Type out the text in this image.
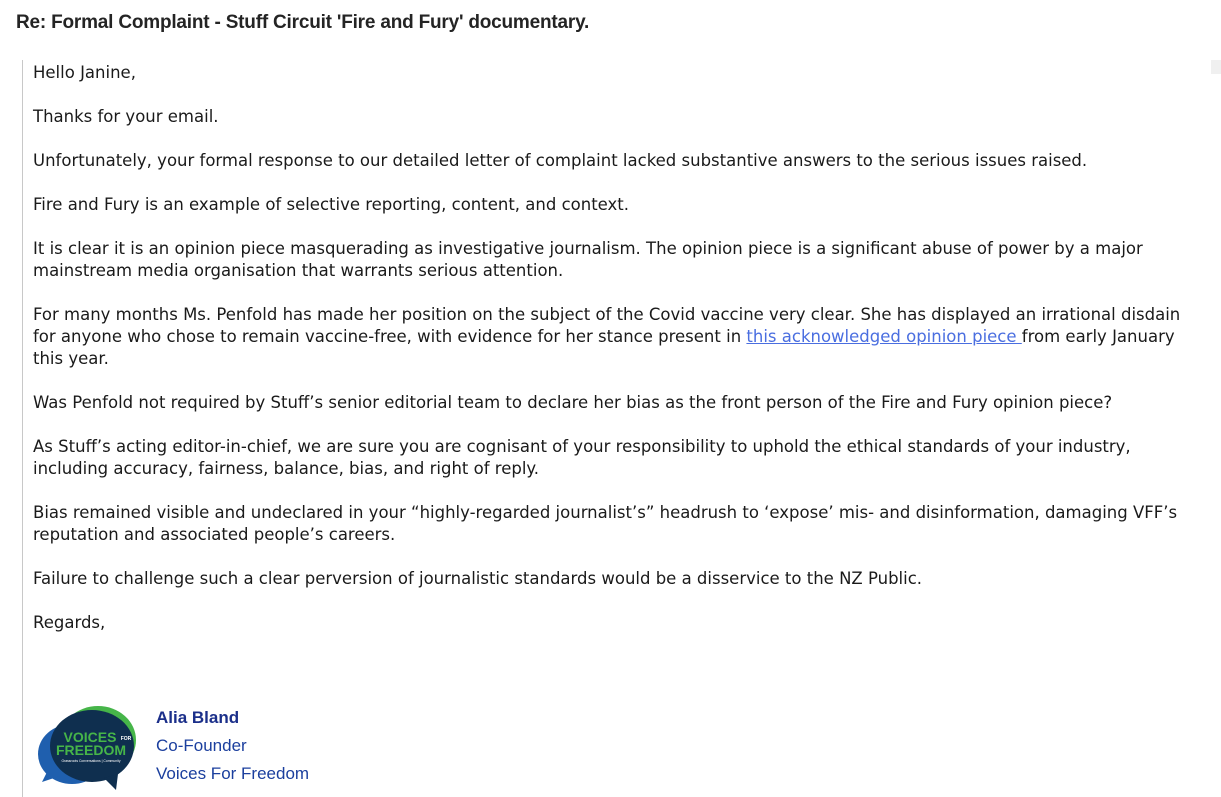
Re: Formal Complaint - Stuff Circuit 'Fire and Fury' documentary.

Hello Janine,

Thanks for your email.

Unfortunately, your formal response to our detailed letter of complaint lacked substantive answers to the serious issues raised.

Fire and Fury is an example of selective reporting, content, and context.

It is clear it is an opinion piece masquerading as investigative journalism. The opinion piece is a significant abuse of power by a major mainstream media organisation that warrants serious attention.

For many months Ms. Penfold has made her position on the subject of the Covid vaccine very clear. She has displayed an irrational disdain for anyone who chose to remain vaccine-free, with evidence for her stance present in this acknowledged opinion piece from early January this year.

Was Penfold not required by Stuff’s senior editorial team to declare her bias as the front person of the Fire and Fury opinion piece?

As Stuff’s acting editor-in-chief, we are sure you are cognisant of your responsibility to uphold the ethical standards of your industry, including accuracy, fairness, balance, bias, and right of reply.

Bias remained visible and undeclared in your “highly-regarded journalist’s” headrush to ‘expose’ mis- and disinformation, damaging VFF’s reputation and associated people’s careers.

Failure to challenge such a clear perversion of journalistic standards would be a disservice to the NZ Public.

Regards,

VOICES FOR
FREEDOM
Grassroots Conversations | Community
Alia Bland
Co-Founder
Voices For Freedom
